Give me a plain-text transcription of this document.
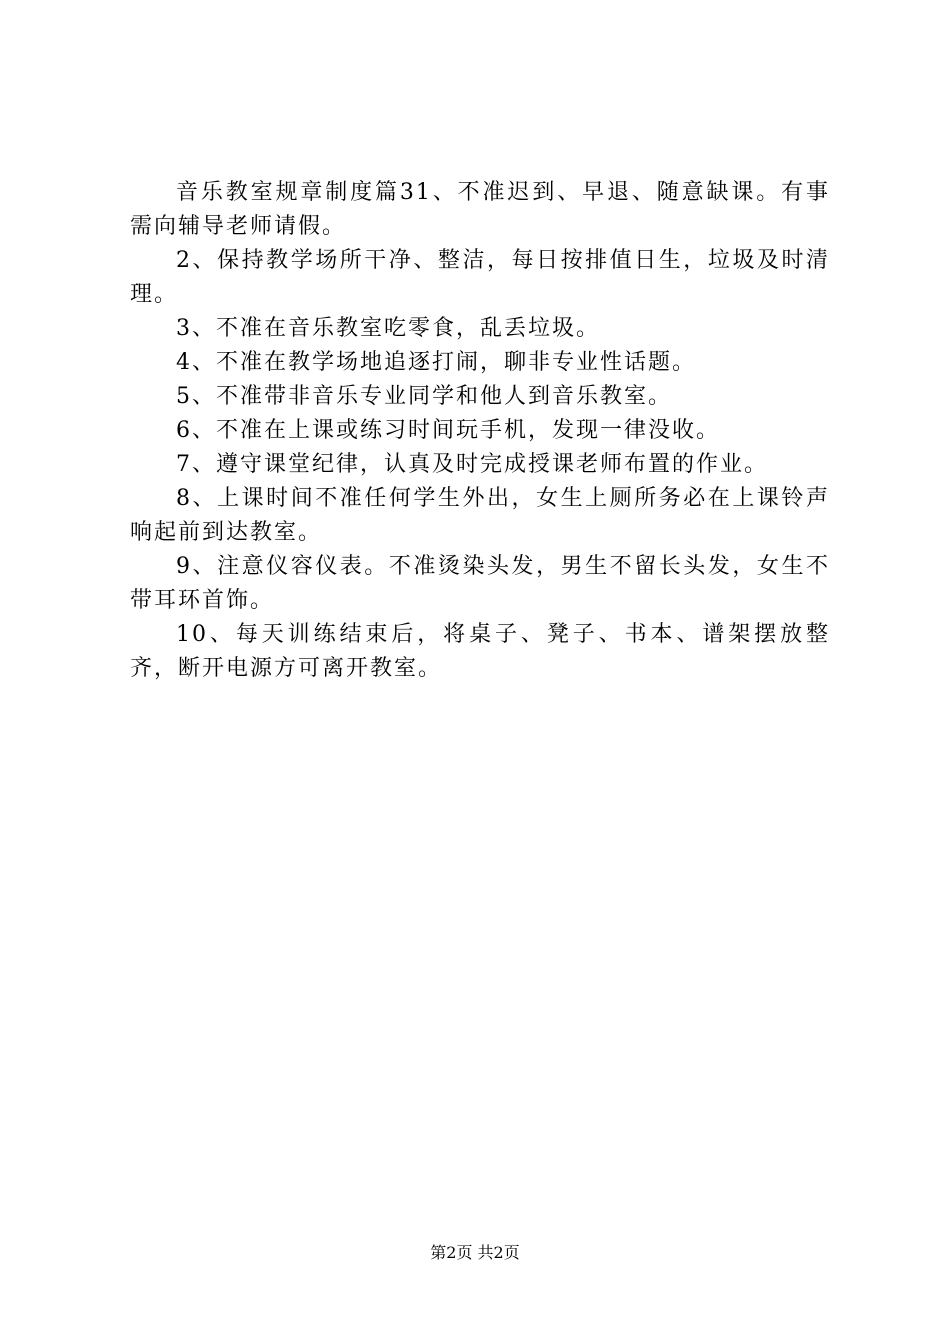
音乐教室规章制度篇31、不准迟到、早退、随意缺课。有事需向辅导老师请假。

2、保持教学场所干净、整洁，每日按排值日生，垃圾及时清理。

3、不准在音乐教室吃零食，乱丢垃圾。

4、不准在教学场地追逐打闹，聊非专业性话题。

5、不准带非音乐专业同学和他人到音乐教室。

6、不准在上课或练习时间玩手机，发现一律没收。

7、遵守课堂纪律，认真及时完成授课老师布置的作业。

8、上课时间不准任何学生外出，女生上厕所务必在上课铃声响起前到达教室。

9、注意仪容仪表。不准烫染头发，男生不留长头发，女生不带耳环首饰。

10、每天训练结束后，将桌子、凳子、书本、谱架摆放整齐，断开电源方可离开教室。

第2页 共2页
